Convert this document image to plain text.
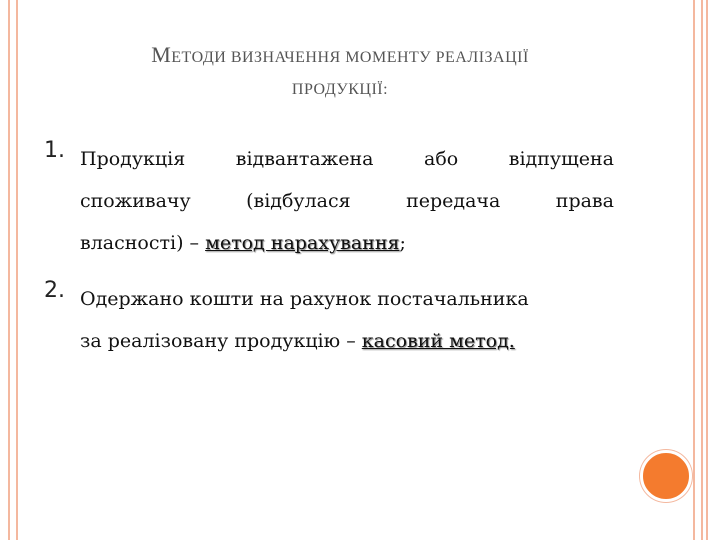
МЕТОДИ ВИЗНАЧЕННЯ МОМЕНТУ РЕАЛІЗАЦІЇ
ПРОДУКЦІЇ:
1. Продукція	відвантажена	або	відпущена
споживачу	(відбулася	передача	права
власності) – метод нарахування;
2. Одержано кошти на рахунок постачальника
за реалізовану продукцію – касовий метод.
